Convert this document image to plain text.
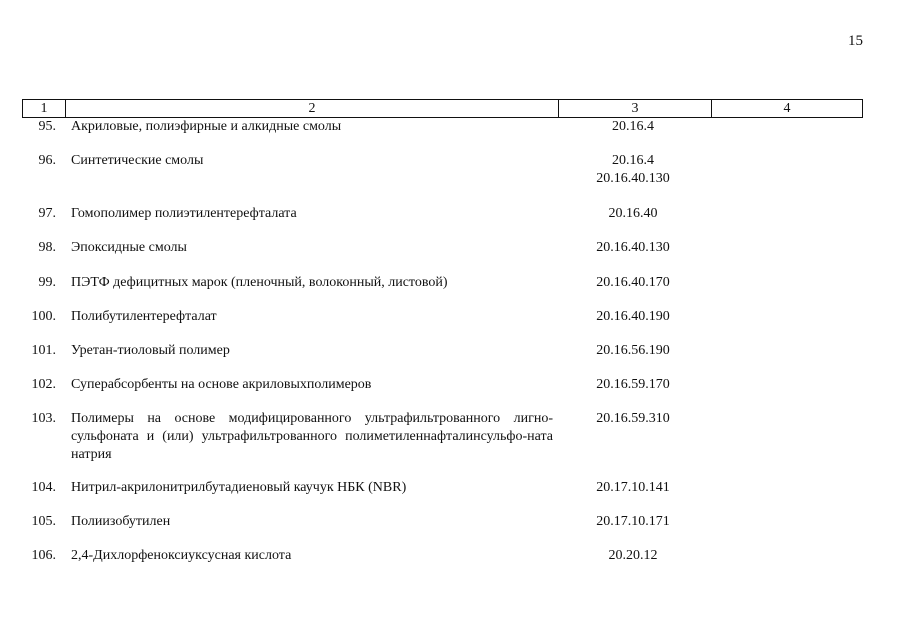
15
1	2	3	4
95. Акриловые, полиэфирные и алкидные смолы	20.16.4
96. Синтетические смолы	20.16.4
20.16.40.130
97. Гомополимер полиэтилентерефталата	20.16.40
98. Эпоксидные смолы	20.16.40.130
99. ПЭТФ дефицитных марок (пленочный, волоконный, листовой)	20.16.40.170
100. Полибутилентерефталат	20.16.40.190
101. Уретан-тиоловый полимер	20.16.56.190
102. Суперабсорбенты на основе акриловыхполимеров	20.16.59.170
103. Полимеры на основе модифицированного ультрафильтрованного лигно-сульфоната и (или) ультрафильтрованного полиметиленнафталинсульфо-ната натрия
20.16.59.310
104. Нитрил-акрилонитрилбутадиеновый каучук НБК (NBR)	20.17.10.141
105. Полиизобутилен	20.17.10.171
106. 2,4-Дихлорфеноксиуксусная кислота	20.20.12
